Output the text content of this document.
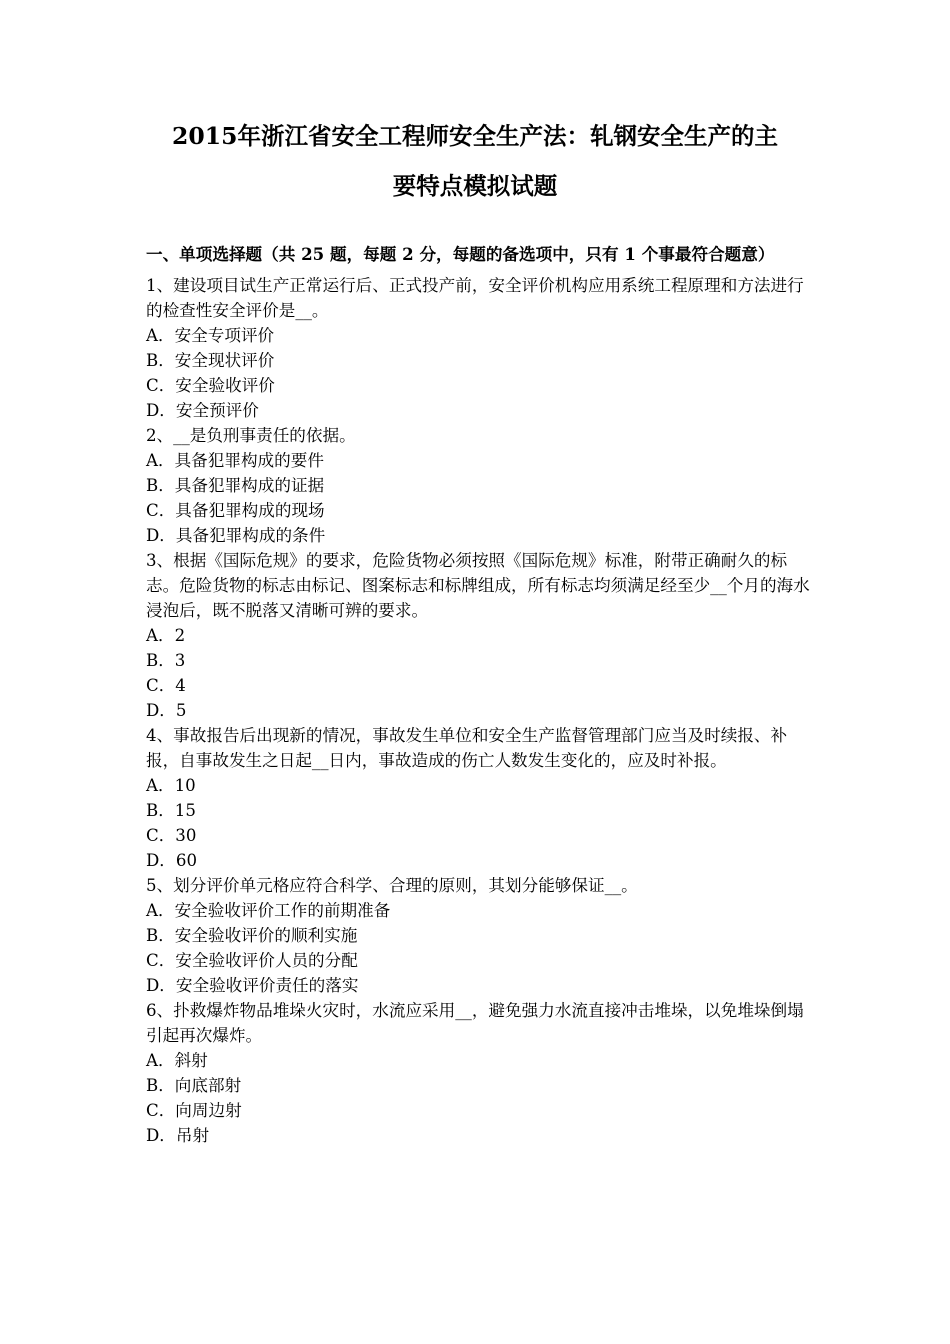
2015年浙江省安全工程师安全生产法：轧钢安全生产的主
要特点模拟试题
一、单项选择题（共 25 题，每题 2 分，每题的备选项中，只有 1 个事最符合题意）

1、建设项目试生产正常运行后、正式投产前，安全评价机构应用系统工程原理和方法进行的检查性安全评价是__。

A．安全专项评价

B．安全现状评价

C．安全验收评价

D．安全预评价

2、__是负刑事责任的依据。

A．具备犯罪构成的要件

B．具备犯罪构成的证据

C．具备犯罪构成的现场

D．具备犯罪构成的条件

3、根据《国际危规》的要求，危险货物必须按照《国际危规》标准，附带正确耐久的标志。危险货物的标志由标记、图案标志和标牌组成，所有标志均须满足经至少__个月的海水浸泡后，既不脱落又清晰可辨的要求。

A．2

B．3

C．4

D．5

4、事故报告后出现新的情况，事故发生单位和安全生产监督管理部门应当及时续报、补报，自事故发生之日起__日内，事故造成的伤亡人数发生变化的，应及时补报。

A．10

B．15

C．30

D．60

5、划分评价单元格应符合科学、合理的原则，其划分能够保证__。

A．安全验收评价工作的前期准备

B．安全验收评价的顺利实施

C．安全验收评价人员的分配

D．安全验收评价责任的落实

6、扑救爆炸物品堆垛火灾时，水流应采用__，避免强力水流直接冲击堆垛，以免堆垛倒塌引起再次爆炸。

A．斜射

B．向底部射

C．向周边射

D．吊射
